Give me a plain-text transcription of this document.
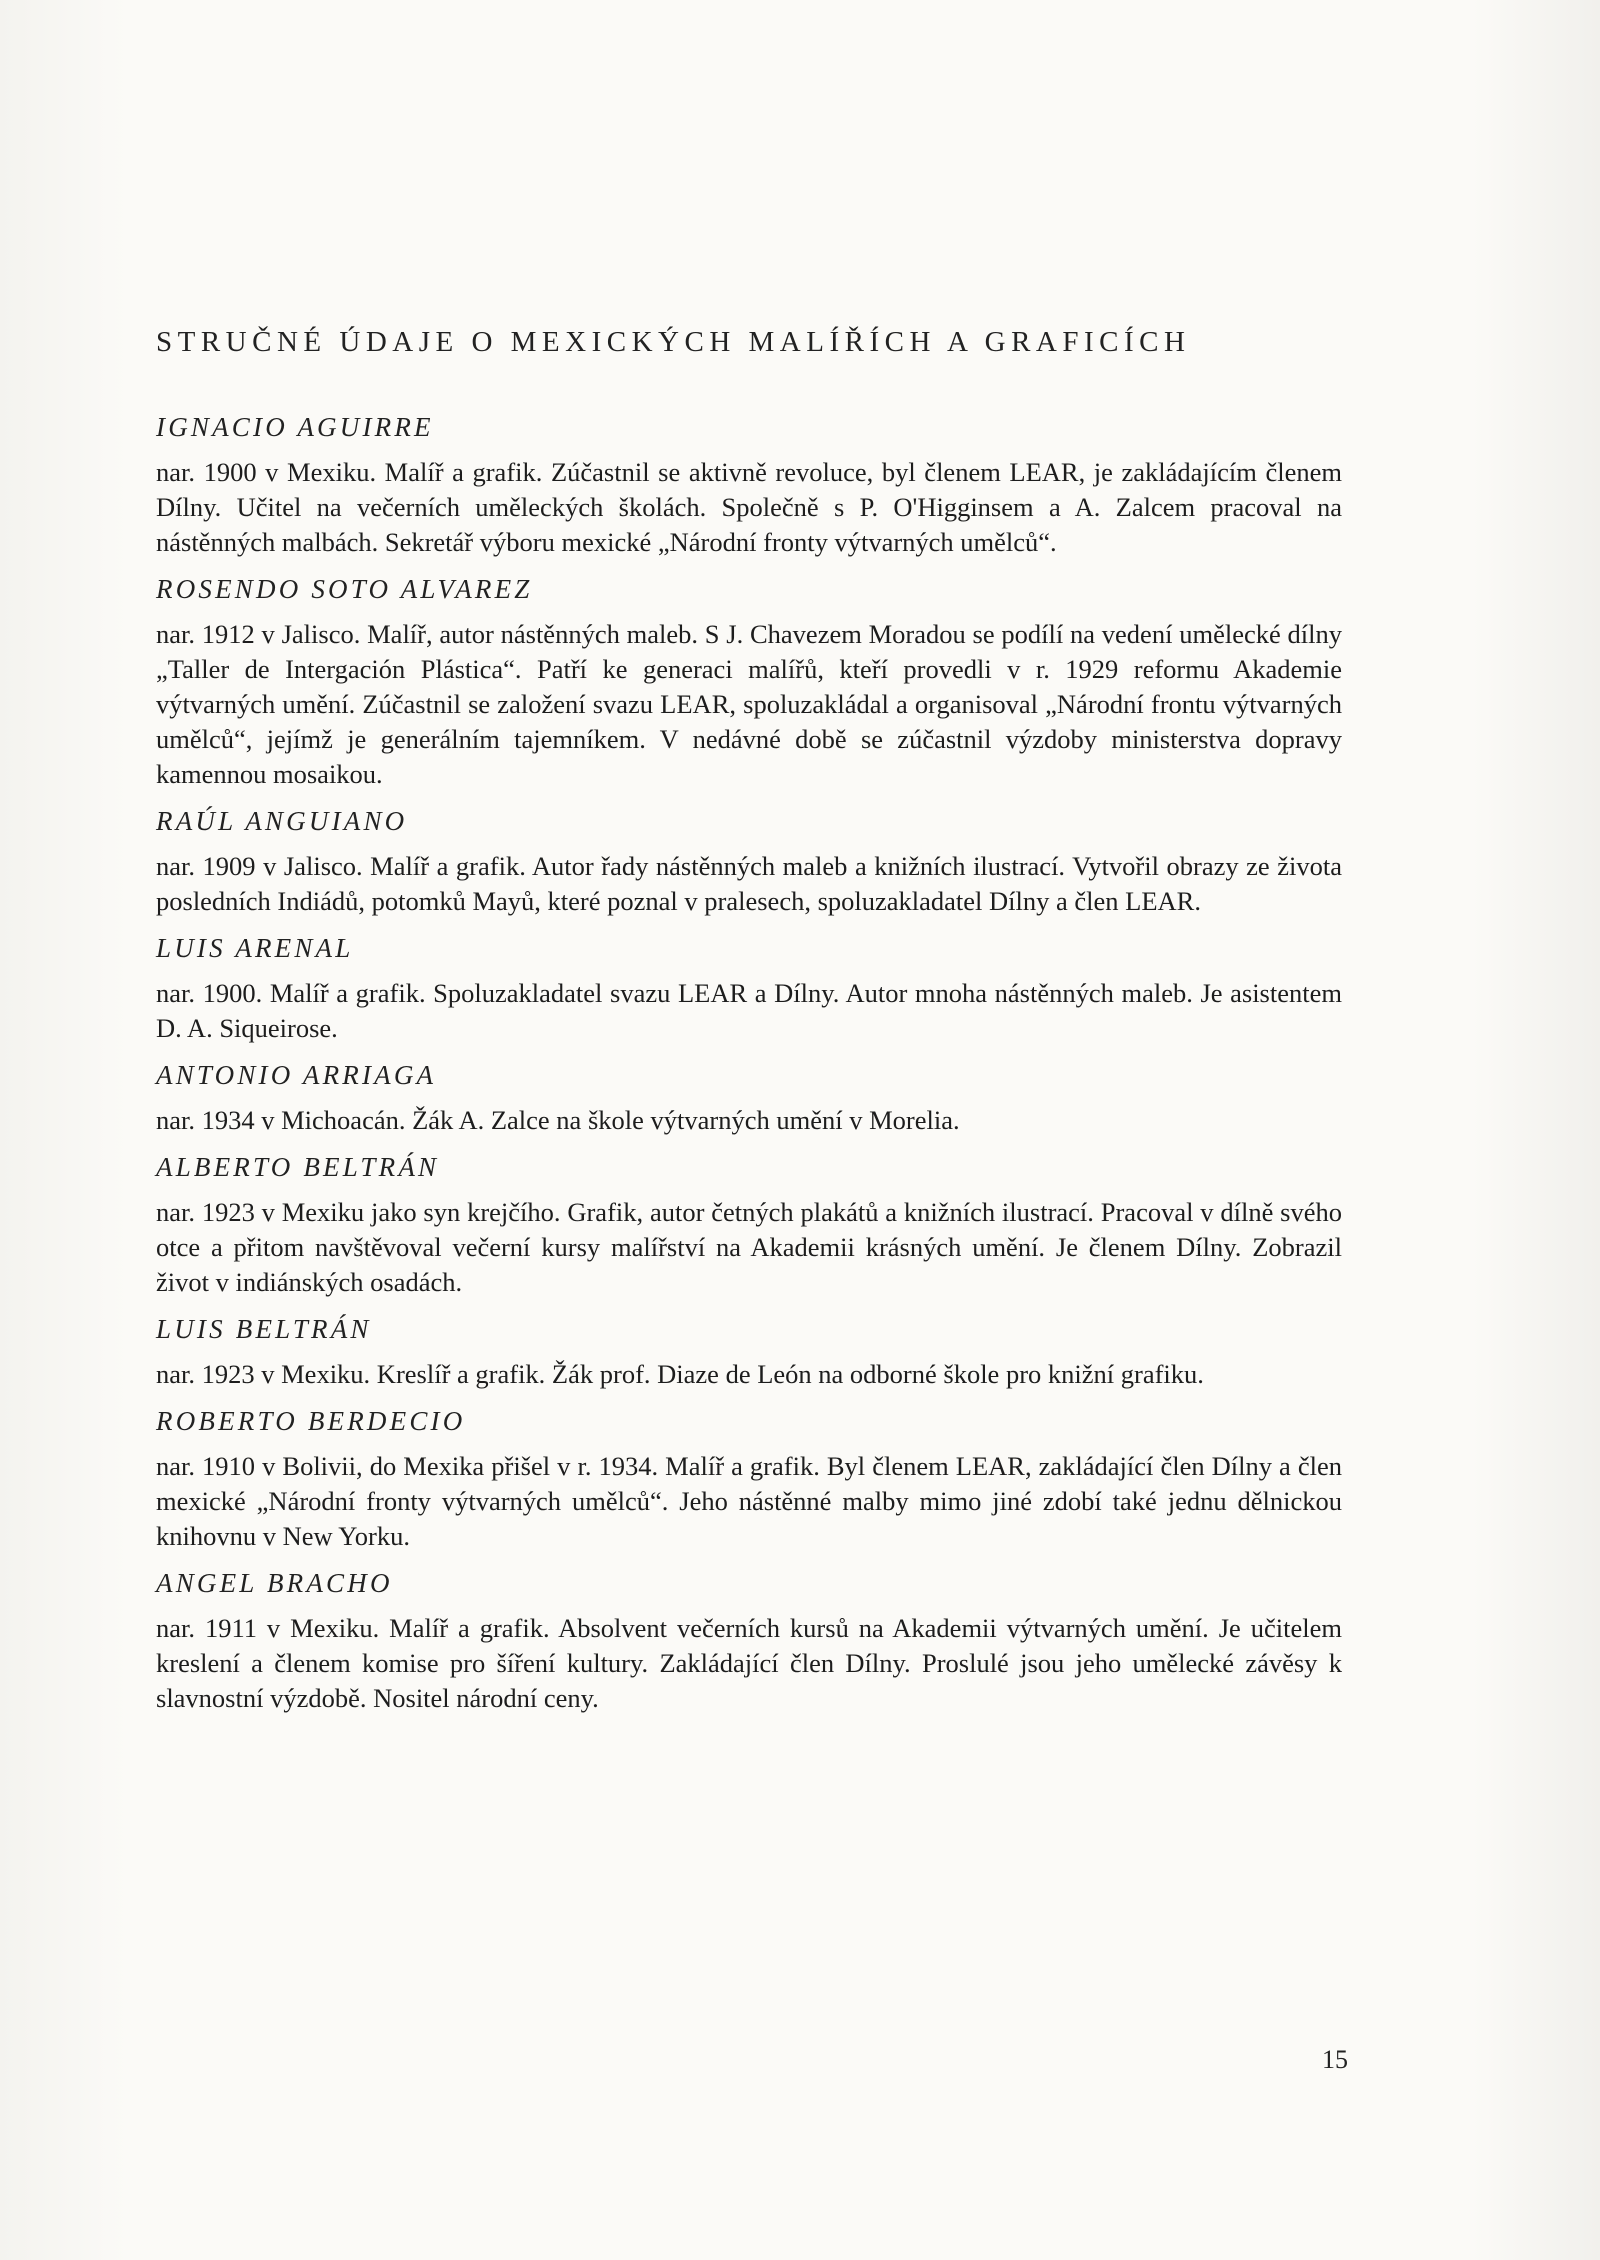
STRUČNÉ ÚDAJE O MEXICKÝCH MALÍŘÍCH A GRAFICÍCH
IGNACIO AGUIRRE

nar. 1900 v Mexiku. Malíř a grafik. Zúčastnil se aktivně revoluce, byl členem LEAR, je zakládajícím členem Dílny. Učitel na večerních uměleckých školách. Společně s P. O'Higginsem a A. Zalcem pracoval na nástěnných malbách. Sekretář výboru mexické „Národní fronty výtvarných umělců“.

ROSENDO SOTO ALVAREZ

nar. 1912 v Jalisco. Malíř, autor nástěnných maleb. S J. Chavezem Moradou se podílí na vedení umělecké dílny „Taller de Intergación Plástica“. Patří ke generaci malířů, kteří provedli v r. 1929 reformu Akademie výtvarných umění. Zúčastnil se založení svazu LEAR, spoluzakládal a organisoval „Národní frontu výtvarných umělců“, jejímž je generálním tajemníkem. V nedávné době se zúčastnil výzdoby ministerstva dopravy kamennou mosaikou.

RAÚL ANGUIANO

nar. 1909 v Jalisco. Malíř a grafik. Autor řady nástěnných maleb a knižních ilustrací. Vytvořil obrazy ze života posledních Indiádů, potomků Mayů, které poznal v pralesech, spoluzakladatel Dílny a člen LEAR.

LUIS ARENAL

nar. 1900. Malíř a grafik. Spoluzakladatel svazu LEAR a Dílny. Autor mnoha nástěnných maleb. Je asistentem D. A. Siqueirose.

ANTONIO ARRIAGA

nar. 1934 v Michoacán. Žák A. Zalce na škole výtvarných umění v Morelia.

ALBERTO BELTRÁN

nar. 1923 v Mexiku jako syn krejčího. Grafik, autor četných plakátů a knižních ilustrací. Pracoval v dílně svého otce a přitom navštěvoval večerní kursy malířství na Akademii krásných umění. Je členem Dílny. Zobrazil život v indiánských osadách.

LUIS BELTRÁN

nar. 1923 v Mexiku. Kreslíř a grafik. Žák prof. Diaze de León na odborné škole pro knižní grafiku.

ROBERTO BERDECIO

nar. 1910 v Bolivii, do Mexika přišel v r. 1934. Malíř a grafik. Byl členem LEAR, zakládající člen Dílny a člen mexické „Národní fronty výtvarných umělců“. Jeho nástěnné malby mimo jiné zdobí také jednu dělnickou knihovnu v New Yorku.

ANGEL BRACHO

nar. 1911 v Mexiku. Malíř a grafik. Absolvent večerních kursů na Akademii výtvarných umění. Je učitelem kreslení a členem komise pro šíření kultury. Zakládající člen Dílny. Proslulé jsou jeho umělecké závěsy k slavnostní výzdobě. Nositel národní ceny.

15
